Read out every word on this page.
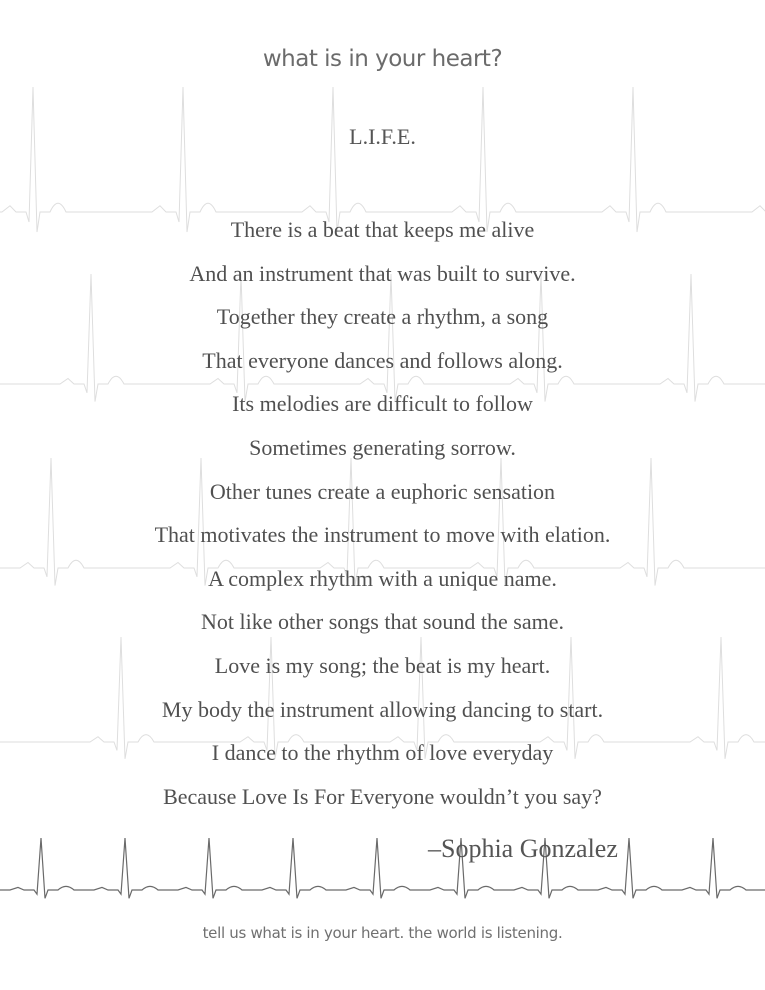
what is in your heart?
L.I.F.E.
There is a beat that keeps me alive
And an instrument that was built to survive.
Together they create a rhythm, a song
That everyone dances and follows along.
Its melodies are difficult to follow
Sometimes generating sorrow.
Other tunes create a euphoric sensation
That motivates the instrument to move with elation.
A complex rhythm with a unique name.
Not like other songs that sound the same.
Love is my song; the beat is my heart.
My body the instrument allowing dancing to start.
I dance to the rhythm of love everyday
Because Love Is For Everyone wouldn’t you say?
–Sophia Gonzalez
tell us what is in your heart. the world is listening.
